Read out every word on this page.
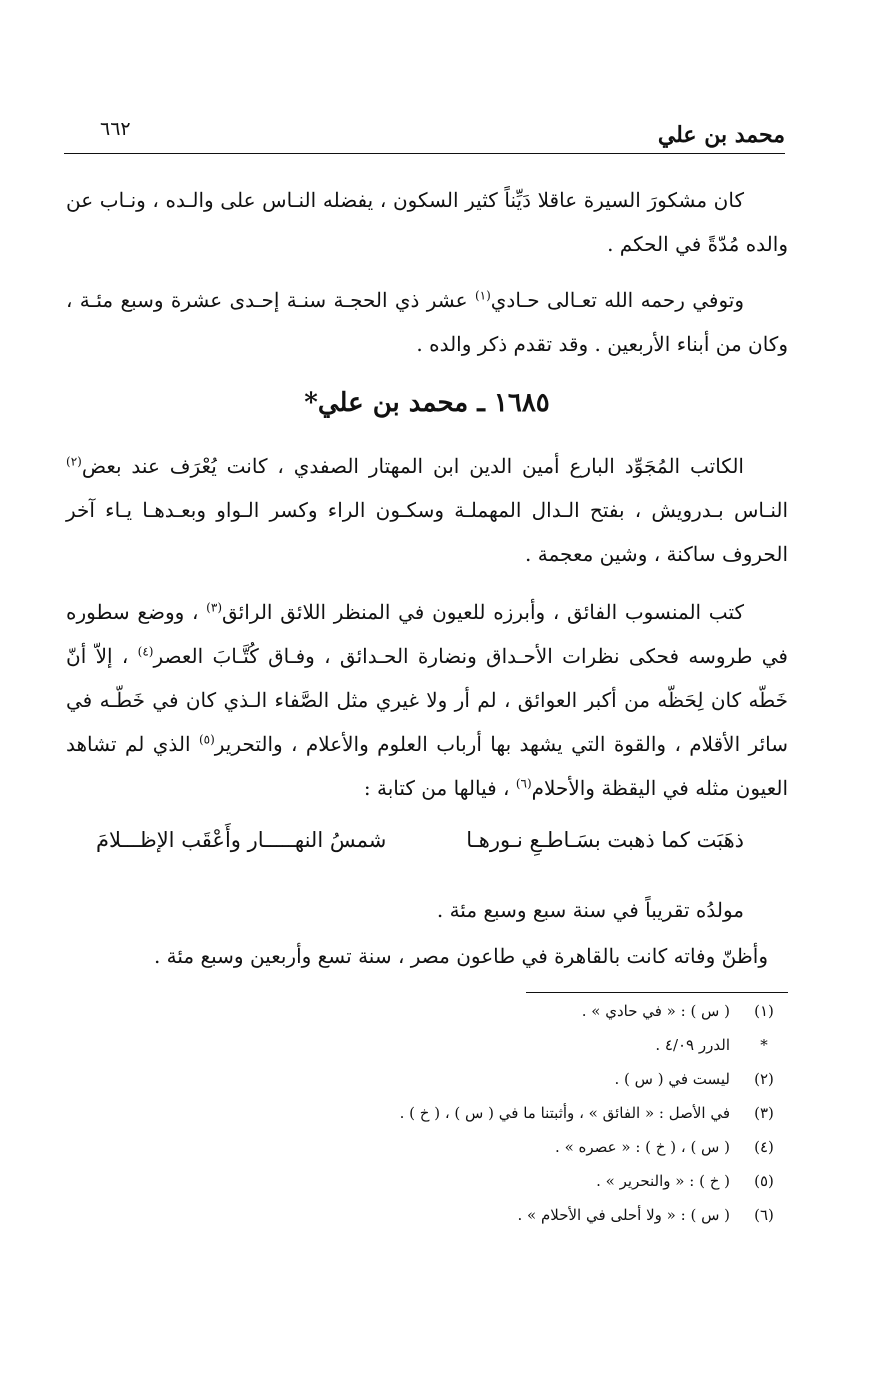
٦٦٢	محمد بن علي

كان مشكورَ السيرة عاقلا دَيِّناً كثير السكون ، يفضله النـاس على والـده ، ونـاب عن والده مُدّةً في الحكم .

وتوفي رحمه الله تعـالى حـادي$^{(١)}$ عشر ذي الحجـة سنـة إحـدى عشرة وسبع مئـة ، وكان من أبناء الأربعين . وقد تقدم ذكر والده .

١٦٨٥ ـ محمد بن علي*

الكاتب المُجَوِّد البارع أمين الدين ابن المهتار الصفدي ، كانت يُعْرَف عند بعض$^{(٢)}$ النـاس بـدرويش ، بفتح الـدال المهملـة وسكـون الراء وكسر الـواو وبعـدهـا يـاء آخر الحروف ساكنة ، وشين معجمة .

كتب المنسوب الفائق ، وأبرزه للعيون في المنظر اللائق الرائق$^{(٣)}$ ، ووضع سطوره في طروسه فحكى نظرات الأحـداق ونضارة الحـدائق ، وفـاق كُتَّـابَ العصر$^{(٤)}$ ، إلاّ أنّ خَطّه كان لِحَظّه من أكبر العوائق ، لم أر ولا غيري مثل الصَّفاء الـذي كان في خَطّـه في سائر الأقلام ، والقوة التي يشهد بها أرباب العلوم والأعلام ، والتحرير$^{(٥)}$ الذي لم تشاهد العيون مثله في اليقظة والأحلام$^{(٦)}$ ، فيالها من كتابة :

ذهَبَت كما ذهبت بسَـاطـعِ نـورهـا
شمسُ النهـــــار وأَعْقَب الإظـــلامَ

مولدُه تقريباً في سنة سبع وسبع مئة .

وأظنّ وفاته كانت بالقاهرة في طاعون مصر ، سنة تسع وأربعين وسبع مئة .

(١)
( س ) : « في حادي » .
*
الدرر ٤/٠٩ .
(٢)
ليست في ( س ) .
(٣)
في الأصل : « الفائق » ، وأثبتنا ما في ( س ) ، ( خ ) .
(٤)
( س ) ، ( خ ) : « عصره » .
(٥)
( خ ) : « والنحرير » .
(٦)
( س ) : « ولا أحلى في الأحلام » .
